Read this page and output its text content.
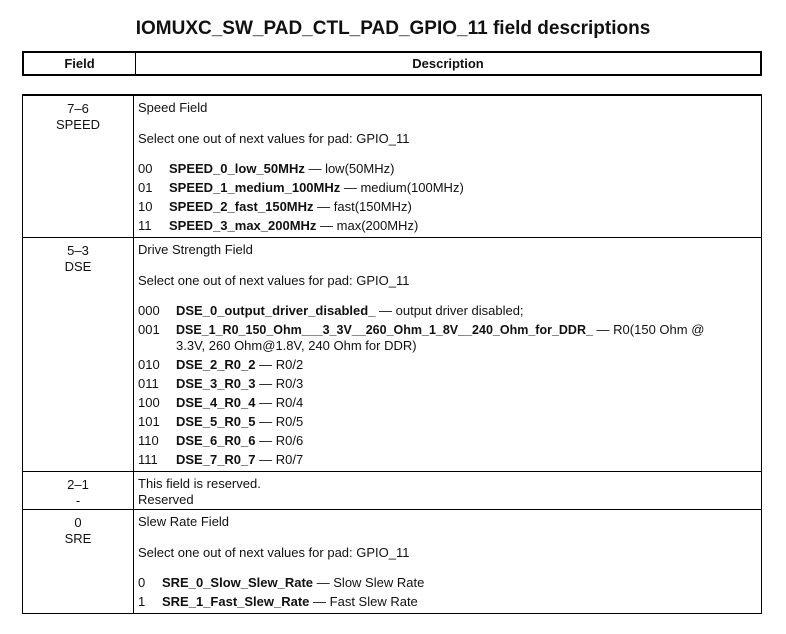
IOMUXC_SW_PAD_CTL_PAD_GPIO_11 field descriptions
Field	Description
7–6
SPEED
Speed Field
Select one out of next values for pad: GPIO_11
00 SPEED_0_low_50MHz — low(50MHz)
01 SPEED_1_medium_100MHz — medium(100MHz)
10 SPEED_2_fast_150MHz — fast(150MHz)
11 SPEED_3_max_200MHz — max(200MHz)
5–3
DSE
Drive Strength Field
Select one out of next values for pad: GPIO_11
000 DSE_0_output_driver_disabled_ — output driver disabled;
001 DSE_1_R0_150_Ohm___3_3V__260_Ohm_1_8V__240_Ohm_for_DDR_ — R0(150 Ohm @
3.3V, 260 Ohm@1.8V, 240 Ohm for DDR)
010 DSE_2_R0_2 — R0/2
011 DSE_3_R0_3 — R0/3
100 DSE_4_R0_4 — R0/4
101 DSE_5_R0_5 — R0/5
110 DSE_6_R0_6 — R0/6
111 DSE_7_R0_7 — R0/7
2–1
-
This field is reserved.
Reserved
0
SRE
Slew Rate Field
Select one out of next values for pad: GPIO_11
0 SRE_0_Slow_Slew_Rate — Slow Slew Rate
1 SRE_1_Fast_Slew_Rate — Fast Slew Rate
